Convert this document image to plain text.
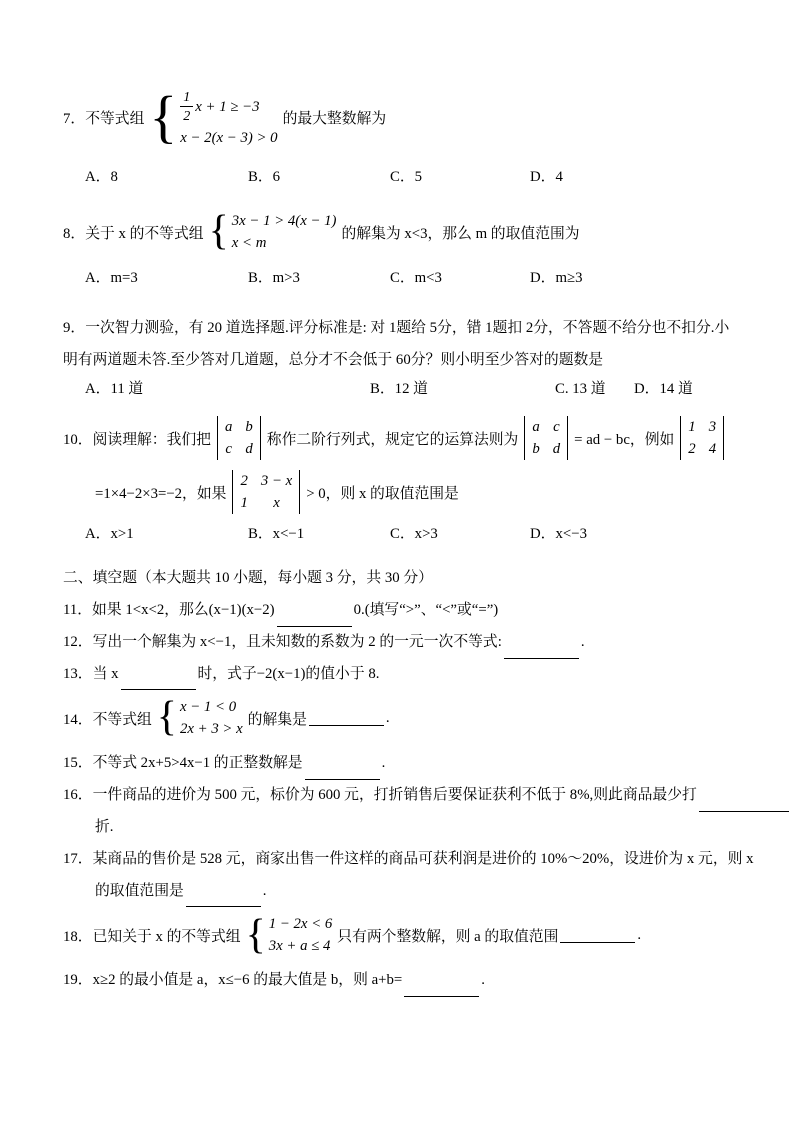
7．不等式组 { $\frac{1}{2}$ x + 1 ≥ −3
x − 2(x − 3) > 0
的最大整数解为
A．8	B．6	C．5	D．4
8．关于 x 的不等式组 { 3x − 1 > 4(x − 1)
x < m
的解集为 x<3，那么 m 的取值范围为
A．m=3	B．m>3	C．m<3	D．m≥3
9．一次智力测验，有 20 道选择题.评分标准是: 对 1题给 5分，错 1题扣 2分，不答题不给分也不扣分.小
明有两道题未答.至少答对几道题，总分才不会低于 60分？则小明至少答对的题数是
A．11 道	B．12 道	C. 13 道	D．14 道
10．阅读理解：我们把
a b
c d
称作二阶行列式，规定它的运算法则为
a c
b d
= ad − bc，例如
1 3
2 4
=1×4−2×3=−2，如果
2 3 − x
1 x
> 0，则 x 的取值范围是
A．x>1	B．x<−1	C．x>3	D．x<−3
二、填空题（本大题共 10 小题，每小题 3 分，共 30 分）
11．如果 1<x<2，那么(x−1)(x−2)	0.(填写“>”、“<”或“=”)
12．写出一个解集为 x<−1，且未知数的系数为 2 的一元一次不等式:	.
13．当 x	时，式子−2(x−1)的值小于 8.
14．不等式组 { x − 1 < 0
2x + 3 > x
的解集是	.
15．不等式 2x+5>4x−1 的正整数解是	.
16．一件商品的进价为 500 元，标价为 600 元，打折销售后要保证获利不低于 8%,则此商品最少打
折.
17．某商品的售价是 528 元，商家出售一件这样的商品可获利润是进价的 10%～20%，设进价为 x 元，则 x
的取值范围是	.
18．已知关于 x 的不等式组 { 1 − 2x < 6
3x + a ≤ 4
只有两个整数解，则 a 的取值范围	.
19．x≥2 的最小值是 a，x≤−6 的最大值是 b，则 a+b=	.
